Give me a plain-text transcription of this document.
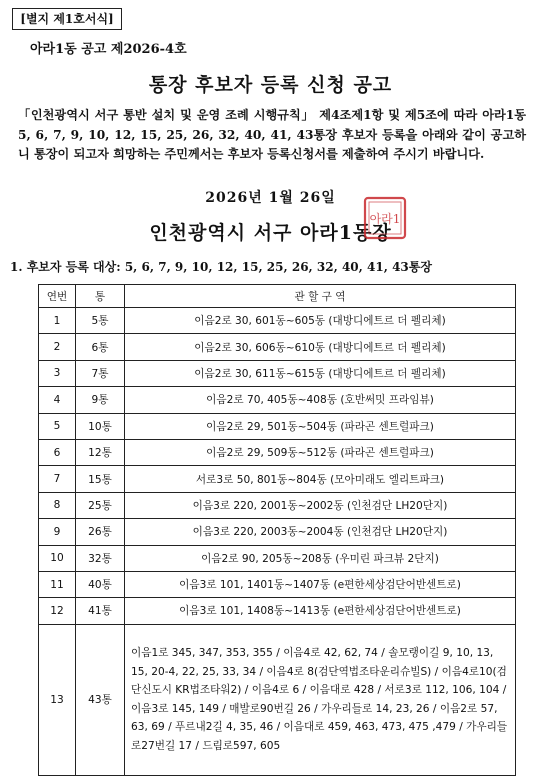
[별지 제1호서식]
아라1동 공고 제2026-4호
통장 후보자 등록 신청 공고
「인천광역시 서구 통반 설치 및 운영 조례 시행규칙」 제4조제1항 및 제5조에 따라 아라1동 5, 6, 7, 9, 10, 12, 15, 25, 26, 32, 40, 41, 43통장 후보자 등록을 아래와 같이 공고하니 통장이 되고자 희망하는 주민께서는 후보자 등록신청서를 제출하여 주시기 바랍니다.
2026년 1월 26일
인천광역시 서구 아라1동장
아라1
1. 후보자 등록 대상: 5, 6, 7, 9, 10, 12, 15, 25, 26, 32, 40, 41, 43통장
연번	통	관 할 구 역
1	5통	이음2로 30, 601동~605동 (대방디에트르 더 펠리체)
2	6통	이음2로 30, 606동~610동 (대방디에트르 더 펠리체)
3	7통	이음2로 30, 611동~615동 (대방디에트르 더 펠리체)
4	9통	이음2로 70, 405동~408동 (호반써밋 프라임뷰)
5	10통	이음2로 29, 501동~504동 (파라곤 센트럴파크)
6	12통	이음2로 29, 509동~512동 (파라곤 센트럴파크)
7	15통	서로3로 50, 801동~804동 (모아미래도 엘리트파크)
8	25통	이음3로 220, 2001동~2002동 (인천검단 LH20단지)
9	26통	이음3로 220, 2003동~2004동 (인천검단 LH20단지)
10	32통	이음2로 90, 205동~208동 (우미린 파크뷰 2단지)
11	40통	이음3로 101, 1401동~1407동 (e편한세상검단어반센트로)
12	41통	이음3로 101, 1408동~1413동 (e편한세상검단어반센트로)
13	43통	이음1로 345, 347, 353, 355 / 이음4로 42, 62, 74 / 솔모랭이길 9, 10, 13, 15, 20-4, 22, 25, 33, 34 / 이음4로 8(검단역법조타운리슈빌S) / 이음4로10(검단신도시 KR법조타워2) / 이음4로 6 / 이음대로 428 / 서로3로 112, 106, 104 / 이음3로 145, 149 / 매발로90번길 26 / 가우리들로 14, 23, 26 / 이음2로 57, 63, 69 / 푸르내2길 4, 35, 46 / 이음대로 459, 463, 473, 475 ,479 / 가우리들로27번길 17 / 드림로597, 605
